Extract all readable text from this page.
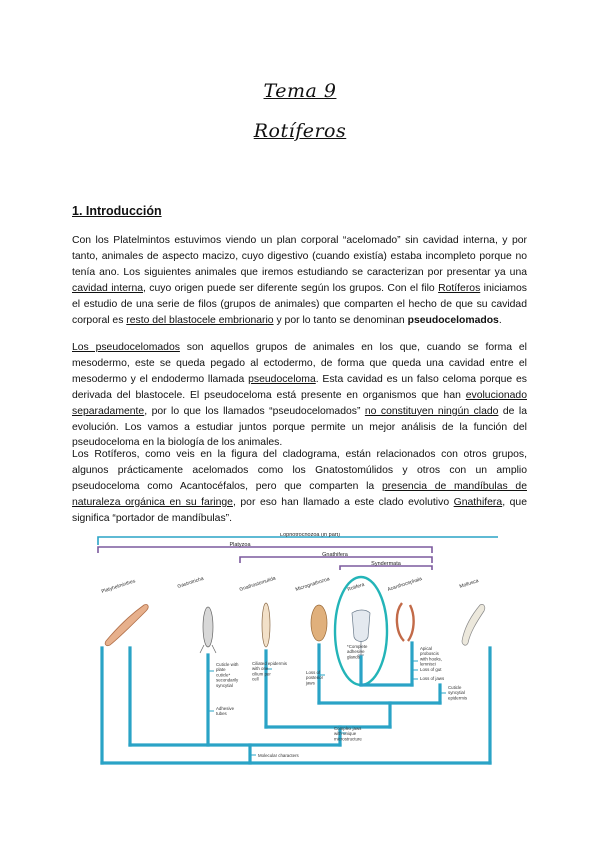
Tema 9
Rotíferos
1. Introducción

Con los Platelmintos estuvimos viendo un plan corporal “acelomado” sin cavidad interna, y por tanto, animales de aspecto macizo, cuyo digestivo (cuando existía) estaba incompleto porque no tenía ano. Los siguientes animales que iremos estudiando se caracterizan por presentar ya una cavidad interna, cuyo origen puede ser diferente según los grupos. Con el filo Rotíferos iniciamos el estudio de una serie de filos (grupos de animales) que comparten el hecho de que su cavidad corporal es resto del blastocele embrionario y por lo tanto se denominan pseudocelomados.

Los pseudocelomados son aquellos grupos de animales en los que, cuando se forma el mesodermo, este se queda pegado al ectodermo, de forma que queda una cavidad entre el mesodermo y el endodermo llamada pseudoceloma. Esta cavidad es un falso celoma porque es derivada del blastocele. El pseudoceloma está presente en organismos que han evolucionado separadamente, por lo que los llamados “pseudocelomados” no constituyen ningún clado de la evolución. Los vamos a estudiar juntos porque permite un mejor análisis de la función del pseudoceloma en la biología de los animales.

Los Rotíferos, como veis en la figura del cladograma, están relacionados con otros grupos, algunos prácticamente acelomados como los Gnatostomúlidos y otros con un amplio pseudoceloma como Acantocéfalos, pero que comparten la presencia de mandíbulas de naturaleza orgánica en su faringe, por eso han llamado a este clado evolutivo Gnathifera, que significa “portador de mandíbulas”.

Lophotrochozoa (in part)
Platyzoa
Gnathifera
Syndermata
Platyhelminthes	Gastrotricha	Gnathostomulida	Micrognathozoa	Rotifera	Acanthocephala	Mollusca
Cuticle with plate cuticle* secondarily syncytial
Adhesive tubes
Ciliated epidermis with one cilium per cell
Loss of posterior jaws
*Complete adhesive glands
Apical proboscis with hooks, lemnisci
Loss of gut
Loss of jaws
Cuticle syncytial epidermis
Complex jaws with unique microstructure
Molecular characters
